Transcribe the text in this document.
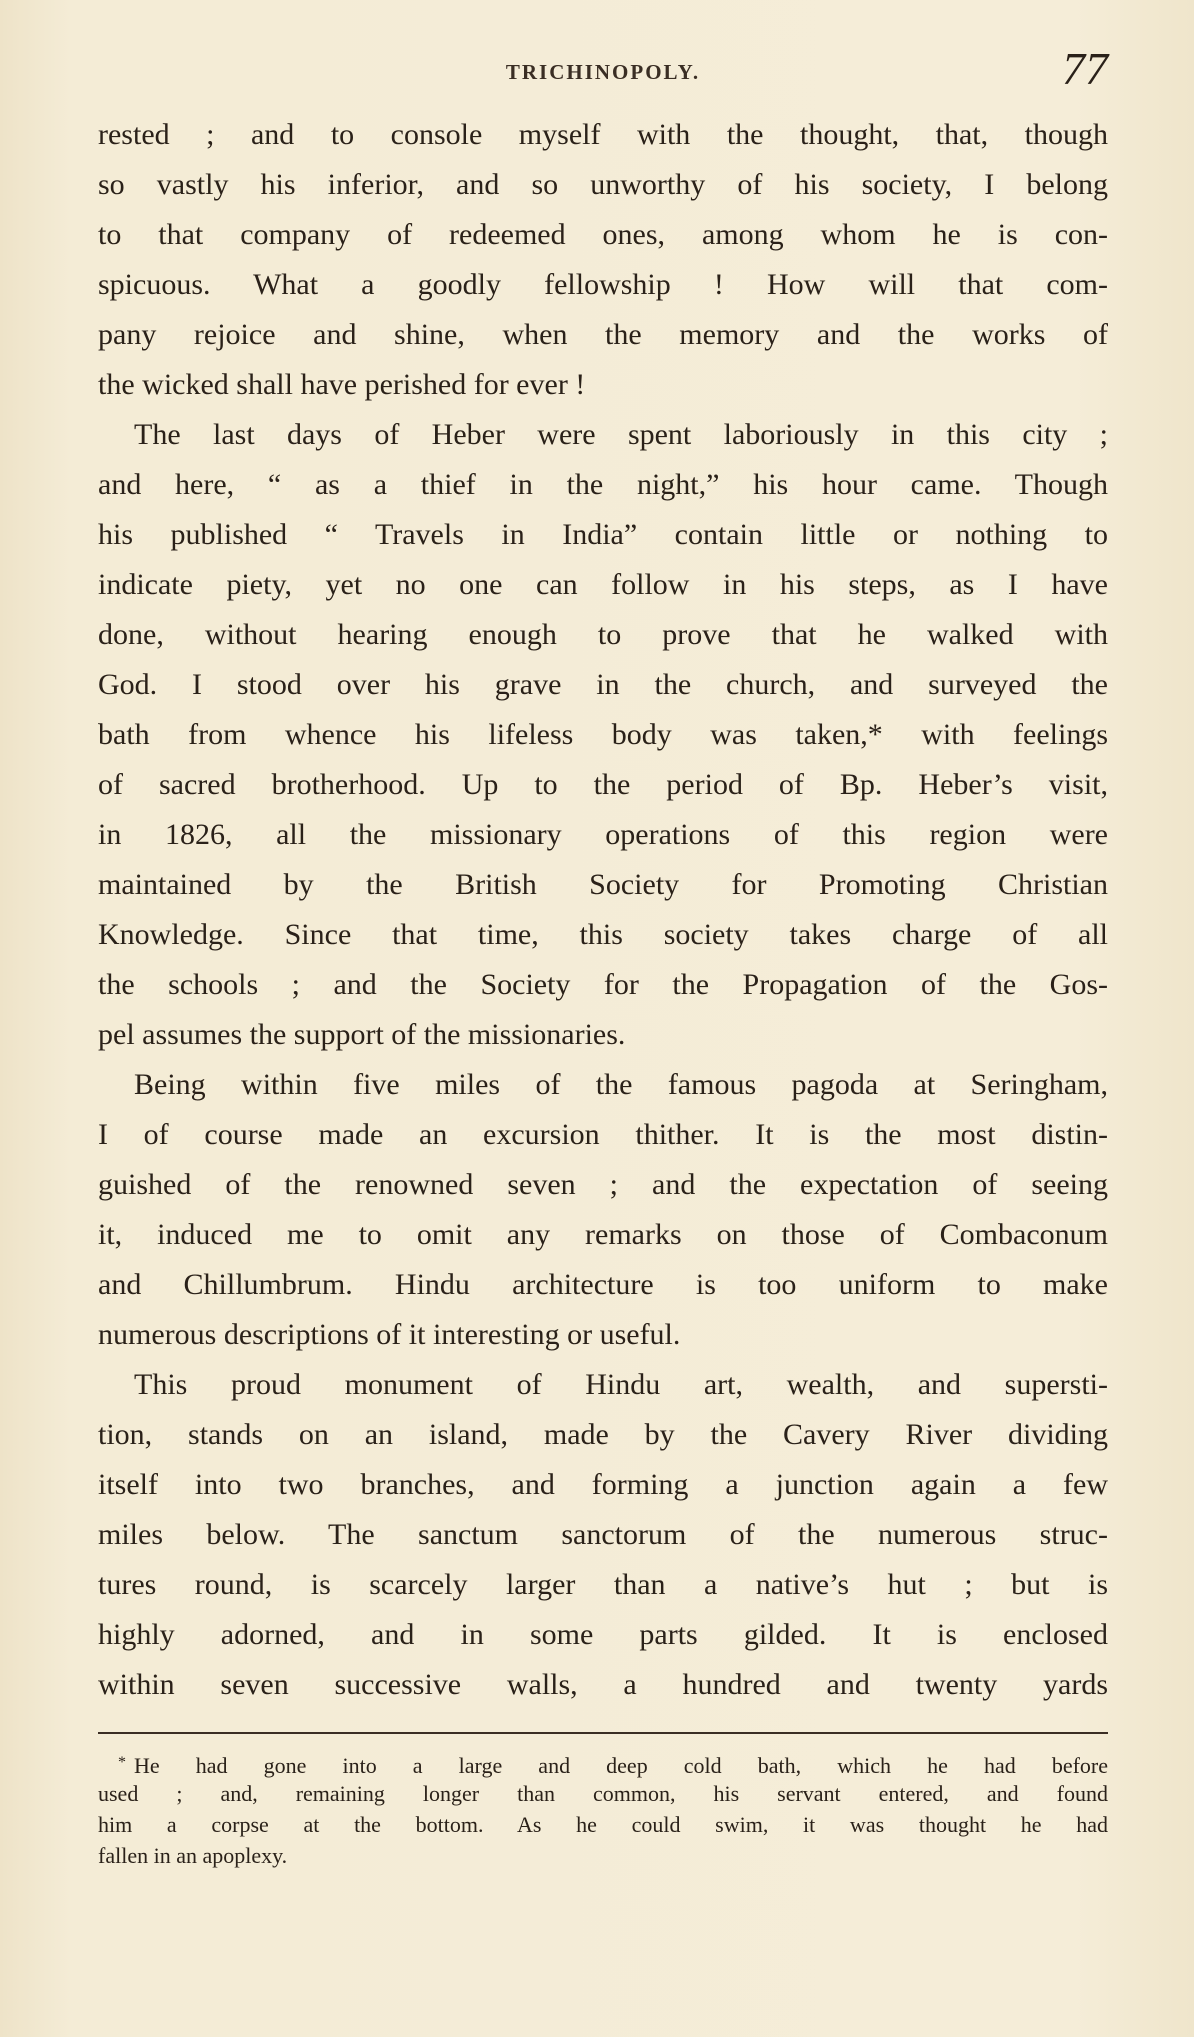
TRICHINOPOLY.	77
rested ; and to console myself with the thought, that, though
so vastly his inferior, and so unworthy of his society, I belong
to that company of redeemed ones, among whom he is con-
spicuous. What a goodly fellowship ! How will that com-
pany rejoice and shine, when the memory and the works of
the wicked shall have perished for ever !
The last days of Heber were spent laboriously in this city ;
and here, “ as a thief in the night,” his hour came. Though
his published “ Travels in India” contain little or nothing to
indicate piety, yet no one can follow in his steps, as I have
done, without hearing enough to prove that he walked with
God. I stood over his grave in the church, and surveyed the
bath from whence his lifeless body was taken,* with feelings
of sacred brotherhood. Up to the period of Bp. Heber’s visit,
in 1826, all the missionary operations of this region were
maintained by the British Society for Promoting Christian
Knowledge. Since that time, this society takes charge of all
the schools ; and the Society for the Propagation of the Gos-
pel assumes the support of the missionaries.
Being within five miles of the famous pagoda at Seringham,
I of course made an excursion thither. It is the most distin-
guished of the renowned seven ; and the expectation of seeing
it, induced me to omit any remarks on those of Combaconum
and Chillumbrum. Hindu architecture is too uniform to make
numerous descriptions of it interesting or useful.
This proud monument of Hindu art, wealth, and supersti-
tion, stands on an island, made by the Cavery River dividing
itself into two branches, and forming a junction again a few
miles below. The sanctum sanctorum of the numerous struc-
tures round, is scarcely larger than a native’s hut ; but is
highly adorned, and in some parts gilded. It is enclosed
within seven successive walls, a hundred and twenty yards
* He had gone into a large and deep cold bath, which he had before
used ; and, remaining longer than common, his servant entered, and found
him a corpse at the bottom. As he could swim, it was thought he had
fallen in an apoplexy.
